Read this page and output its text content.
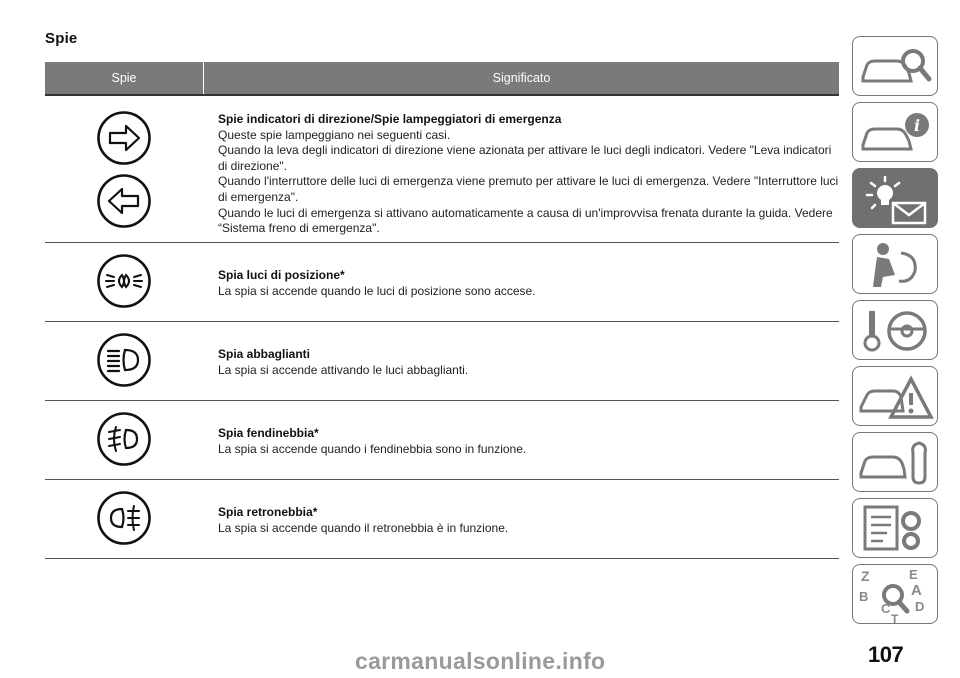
Spie
Spie	Significato
Spie indicatori di direzione/Spie lampeggiatori di emergenza
Queste spie lampeggiano nei seguenti casi.
Quando la leva degli indicatori di direzione viene azionata per attivare le luci degli indicatori. Vedere "Leva indicatori di direzione".
Quando l'interruttore delle luci di emergenza viene premuto per attivare le luci di emergenza. Vedere "Interruttore luci di emergenza".
Quando le luci di emergenza si attivano automaticamente a causa di un'improvvisa frenata durante la guida. Vedere “Sistema freno di emergenza".
Spia luci di posizione*
La spia si accende quando le luci di posizione sono accese.
Spia abbaglianti
La spia si accende attivando le luci abbaglianti.
Spia fendinebbia*
La spia si accende quando i fendinebbia sono in funzione.
Spia retronebbia*
La spia si accende quando il retronebbia è in funzione.
i
Z	E
A
B
C D
T
107
carmanualsonline.info
